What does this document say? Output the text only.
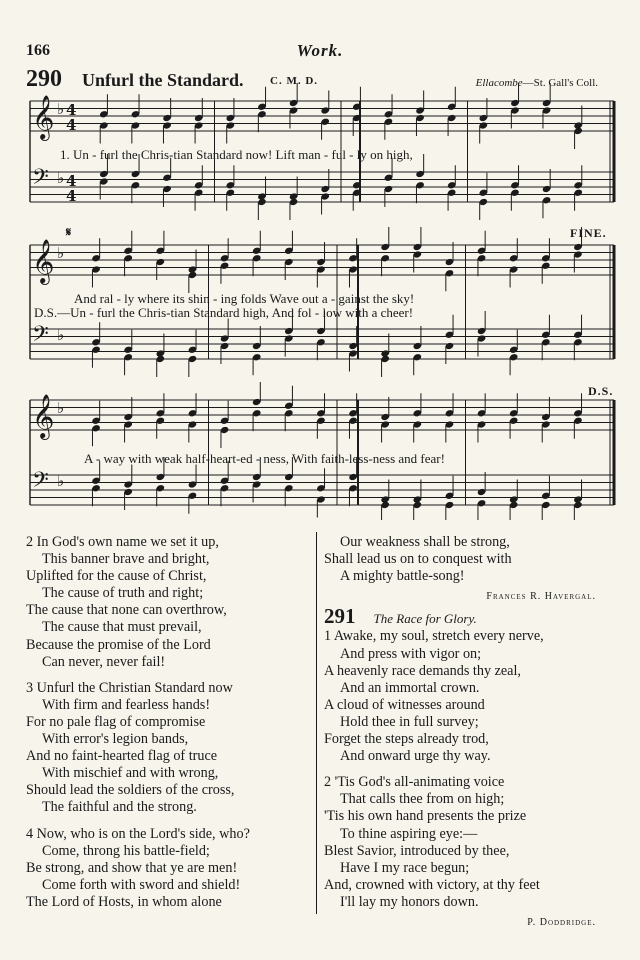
166	Work.
290 Unfurl the Standard. C. M. D.	Ellacombe—St. Gall's Coll.
𝄞 ♭ 4
4
𝄢 ♭ 4
4
𝄞 ♭
𝄢 ♭
𝄞 ♭
𝄢 ♭
𝄋	FINE.
D.S.
1. Un - furl the Chris-tian Standard now! Lift man - ful - ly on high,
And ral - ly where its shin - ing folds Wave out a - gainst the sky!
D.S.—Un - furl the Chris-tian Standard high, And fol - low with a cheer!
A - way with weak half-heart-ed - ness, With faith-less-ness and fear!
2 In God's own name we set it up,
This banner brave and bright,
Uplifted for the cause of Christ,
The cause of truth and right;
The cause that none can overthrow,
The cause that must prevail,
Because the promise of the Lord
Can never, never fail!
3 Unfurl the Christian Standard now
With firm and fearless hands!
For no pale flag of compromise
With error's legion bands,
And no faint-hearted flag of truce
With mischief and with wrong,
Should lead the soldiers of the cross,
The faithful and the strong.
4 Now, who is on the Lord's side, who?
Come, throng his battle-field;
Be strong, and show that ye are men!
Come forth with sword and shield!
The Lord of Hosts, in whom alone
Our weakness shall be strong,
Shall lead us on to conquest with
A mighty battle-song!
Frances R. Havergal.
291 The Race for Glory.
1 Awake, my soul, stretch every nerve,
And press with vigor on;
A heavenly race demands thy zeal,
And an immortal crown.
A cloud of witnesses around
Hold thee in full survey;
Forget the steps already trod,
And onward urge thy way.
2 'Tis God's all-animating voice
That calls thee from on high;
'Tis his own hand presents the prize
To thine aspiring eye:—
Blest Savior, introduced by thee,
Have I my race begun;
And, crowned with victory, at thy feet
I'll lay my honors down.
P. Doddridge.
